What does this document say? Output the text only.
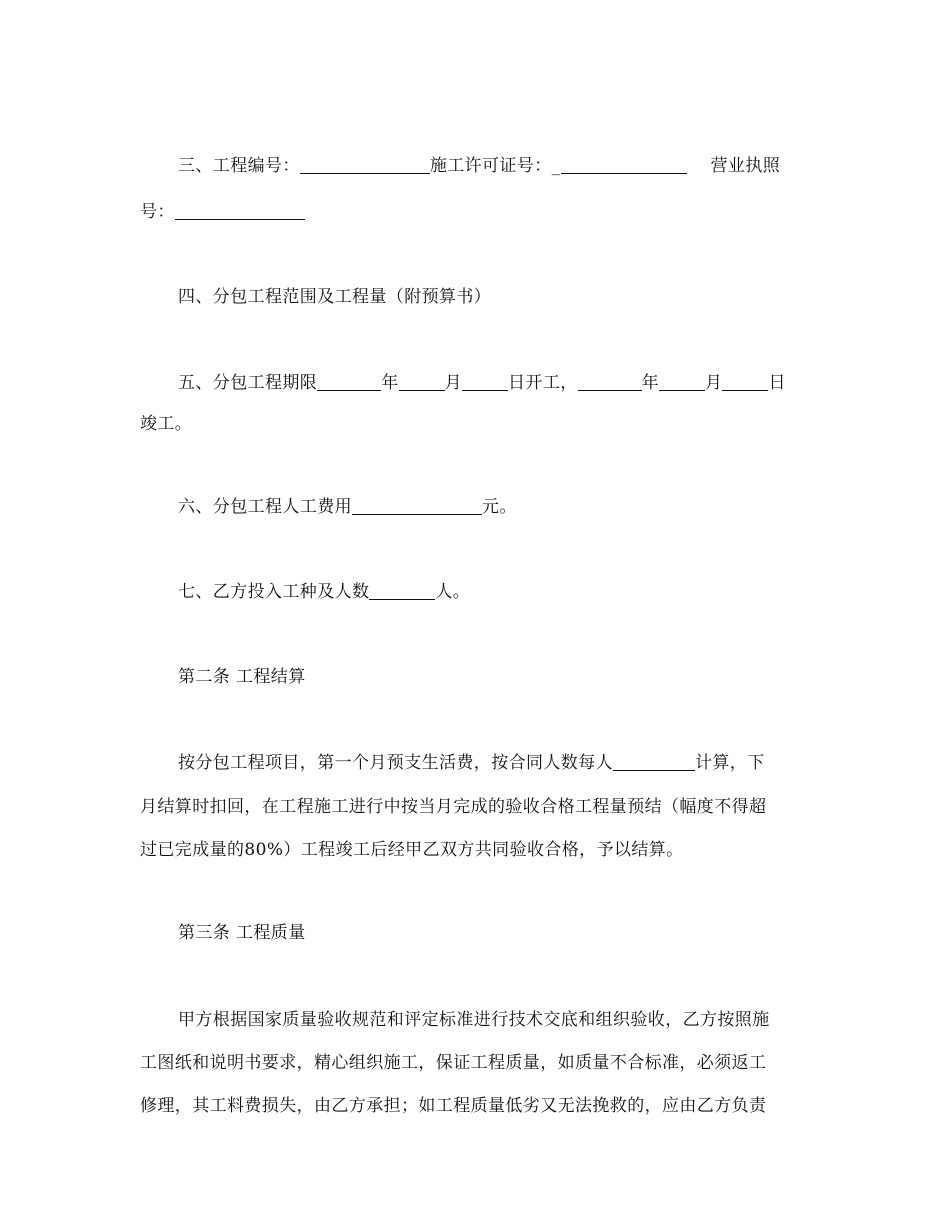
三、工程编号：	施工许可证号：_	营业执照
号：
四、分包工程范围及工程量（附预算书）
五、分包工程期限	年	月	日开工，	年	月	日
竣工。
六、分包工程人工费用	元。
七、乙方投入工种及人数	人。
第二条 工程结算
按分包工程项目，第一个月预支生活费，按合同人数每人	计算，下
月结算时扣回，在工程施工进行中按当月完成的验收合格工程量预结（幅度不得超
过已完成量的80%）工程竣工后经甲乙双方共同验收合格，予以结算。
第三条 工程质量
甲方根据国家质量验收规范和评定标准进行技术交底和组织验收，乙方按照施
工图纸和说明书要求，精心组织施工，保证工程质量，如质量不合标准，必须返工
修理，其工料费损失，由乙方承担；如工程质量低劣又无法挽救的，应由乙方负责
